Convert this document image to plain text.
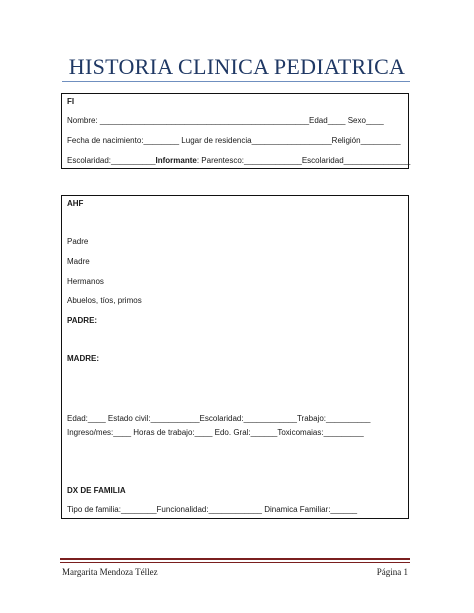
HISTORIA CLINICA PEDIATRICA
FI
Nombre: _______________________________________________Edad____ Sexo____
Fecha de nacimiento:________ Lugar de residencia__________________Religión_________
Escolaridad:__________Informante: Parentesco:_____________Escolaridad_______________
AHF
Padre
Madre
Hermanos
Abuelos, tíos, primos
PADRE:
MADRE:
Edad:____ Estado civil:___________Escolaridad:____________Trabajo:__________
Ingreso/mes:____ Horas de trabajo:____ Edo. Gral:______Toxicomaias:_________
DX DE FAMILIA
Tipo de familia:________Funcionalidad:____________ Dinamica Familiar:______
Margarita Mendoza Téllez	Página 1
